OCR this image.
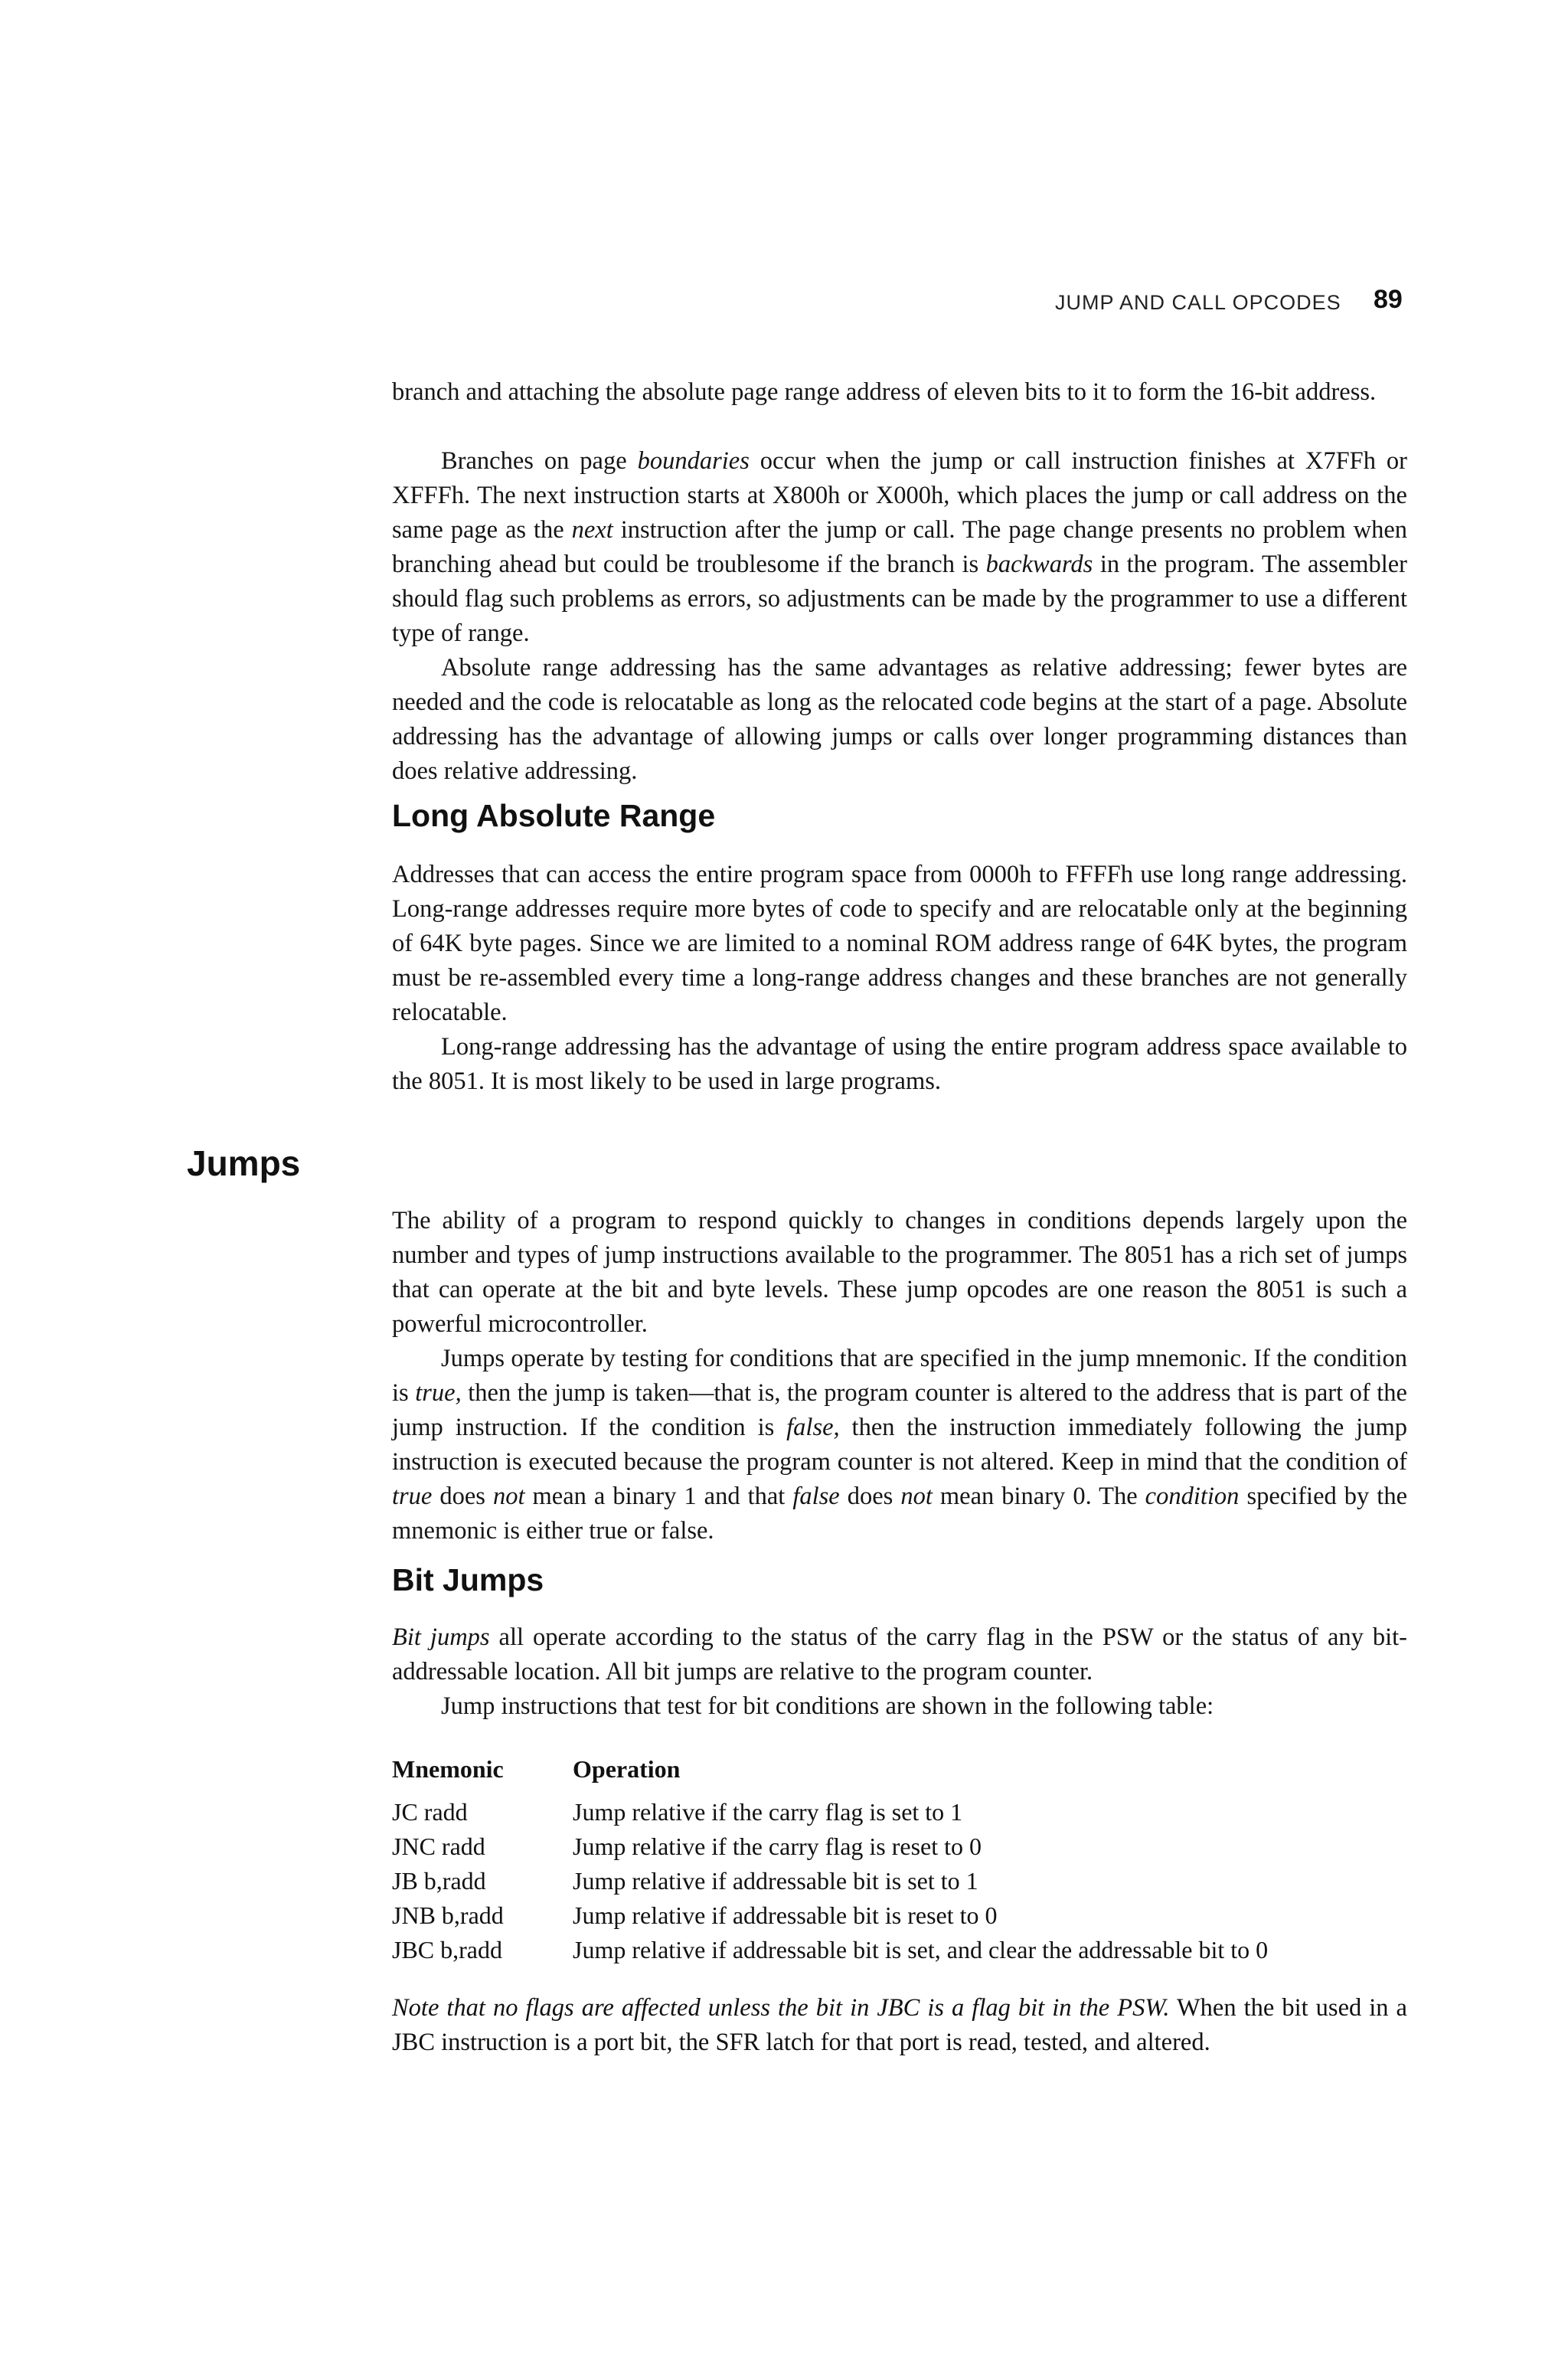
JUMP AND CALL OPCODES 89

branch and attaching the absolute page range address of eleven bits to it to form the 16-bit address.

Branches on page boundaries occur when the jump or call instruction finishes at X7FFh or XFFFh. The next instruction starts at X800h or X000h, which places the jump or call address on the same page as the next instruction after the jump or call. The page change presents no problem when branching ahead but could be troublesome if the branch is backwards in the program. The assembler should flag such problems as errors, so adjustments can be made by the programmer to use a different type of range.

Absolute range addressing has the same advantages as relative addressing; fewer bytes are needed and the code is relocatable as long as the relocated code begins at the start of a page. Absolute addressing has the advantage of allowing jumps or calls over longer programming distances than does relative addressing.

Long Absolute Range

Addresses that can access the entire program space from 0000h to FFFFh use long range addressing. Long-range addresses require more bytes of code to specify and are relocatable only at the beginning of 64K byte pages. Since we are limited to a nominal ROM address range of 64K bytes, the program must be re-assembled every time a long-range address changes and these branches are not generally relocatable.

Long-range addressing has the advantage of using the entire program address space available to the 8051. It is most likely to be used in large programs.

Jumps

The ability of a program to respond quickly to changes in conditions depends largely upon the number and types of jump instructions available to the programmer. The 8051 has a rich set of jumps that can operate at the bit and byte levels. These jump opcodes are one reason the 8051 is such a powerful microcontroller.

Jumps operate by testing for conditions that are specified in the jump mnemonic. If the condition is true, then the jump is taken—that is, the program counter is altered to the address that is part of the jump instruction. If the condition is false, then the instruction immediately following the jump instruction is executed because the program counter is not altered. Keep in mind that the condition of true does not mean a binary 1 and that false does not mean binary 0. The condition specified by the mnemonic is either true or false.

Bit Jumps

Bit jumps all operate according to the status of the carry flag in the PSW or the status of any bit-addressable location. All bit jumps are relative to the program counter.

Jump instructions that test for bit conditions are shown in the following table:

Mnemonic	Operation
JC radd	Jump relative if the carry flag is set to 1
JNC radd	Jump relative if the carry flag is reset to 0
JB b,radd	Jump relative if addressable bit is set to 1
JNB b,radd	Jump relative if addressable bit is reset to 0
JBC b,radd	Jump relative if addressable bit is set, and clear the addressable bit to 0

Note that no flags are affected unless the bit in JBC is a flag bit in the PSW. When the bit used in a JBC instruction is a port bit, the SFR latch for that port is read, tested, and altered.
